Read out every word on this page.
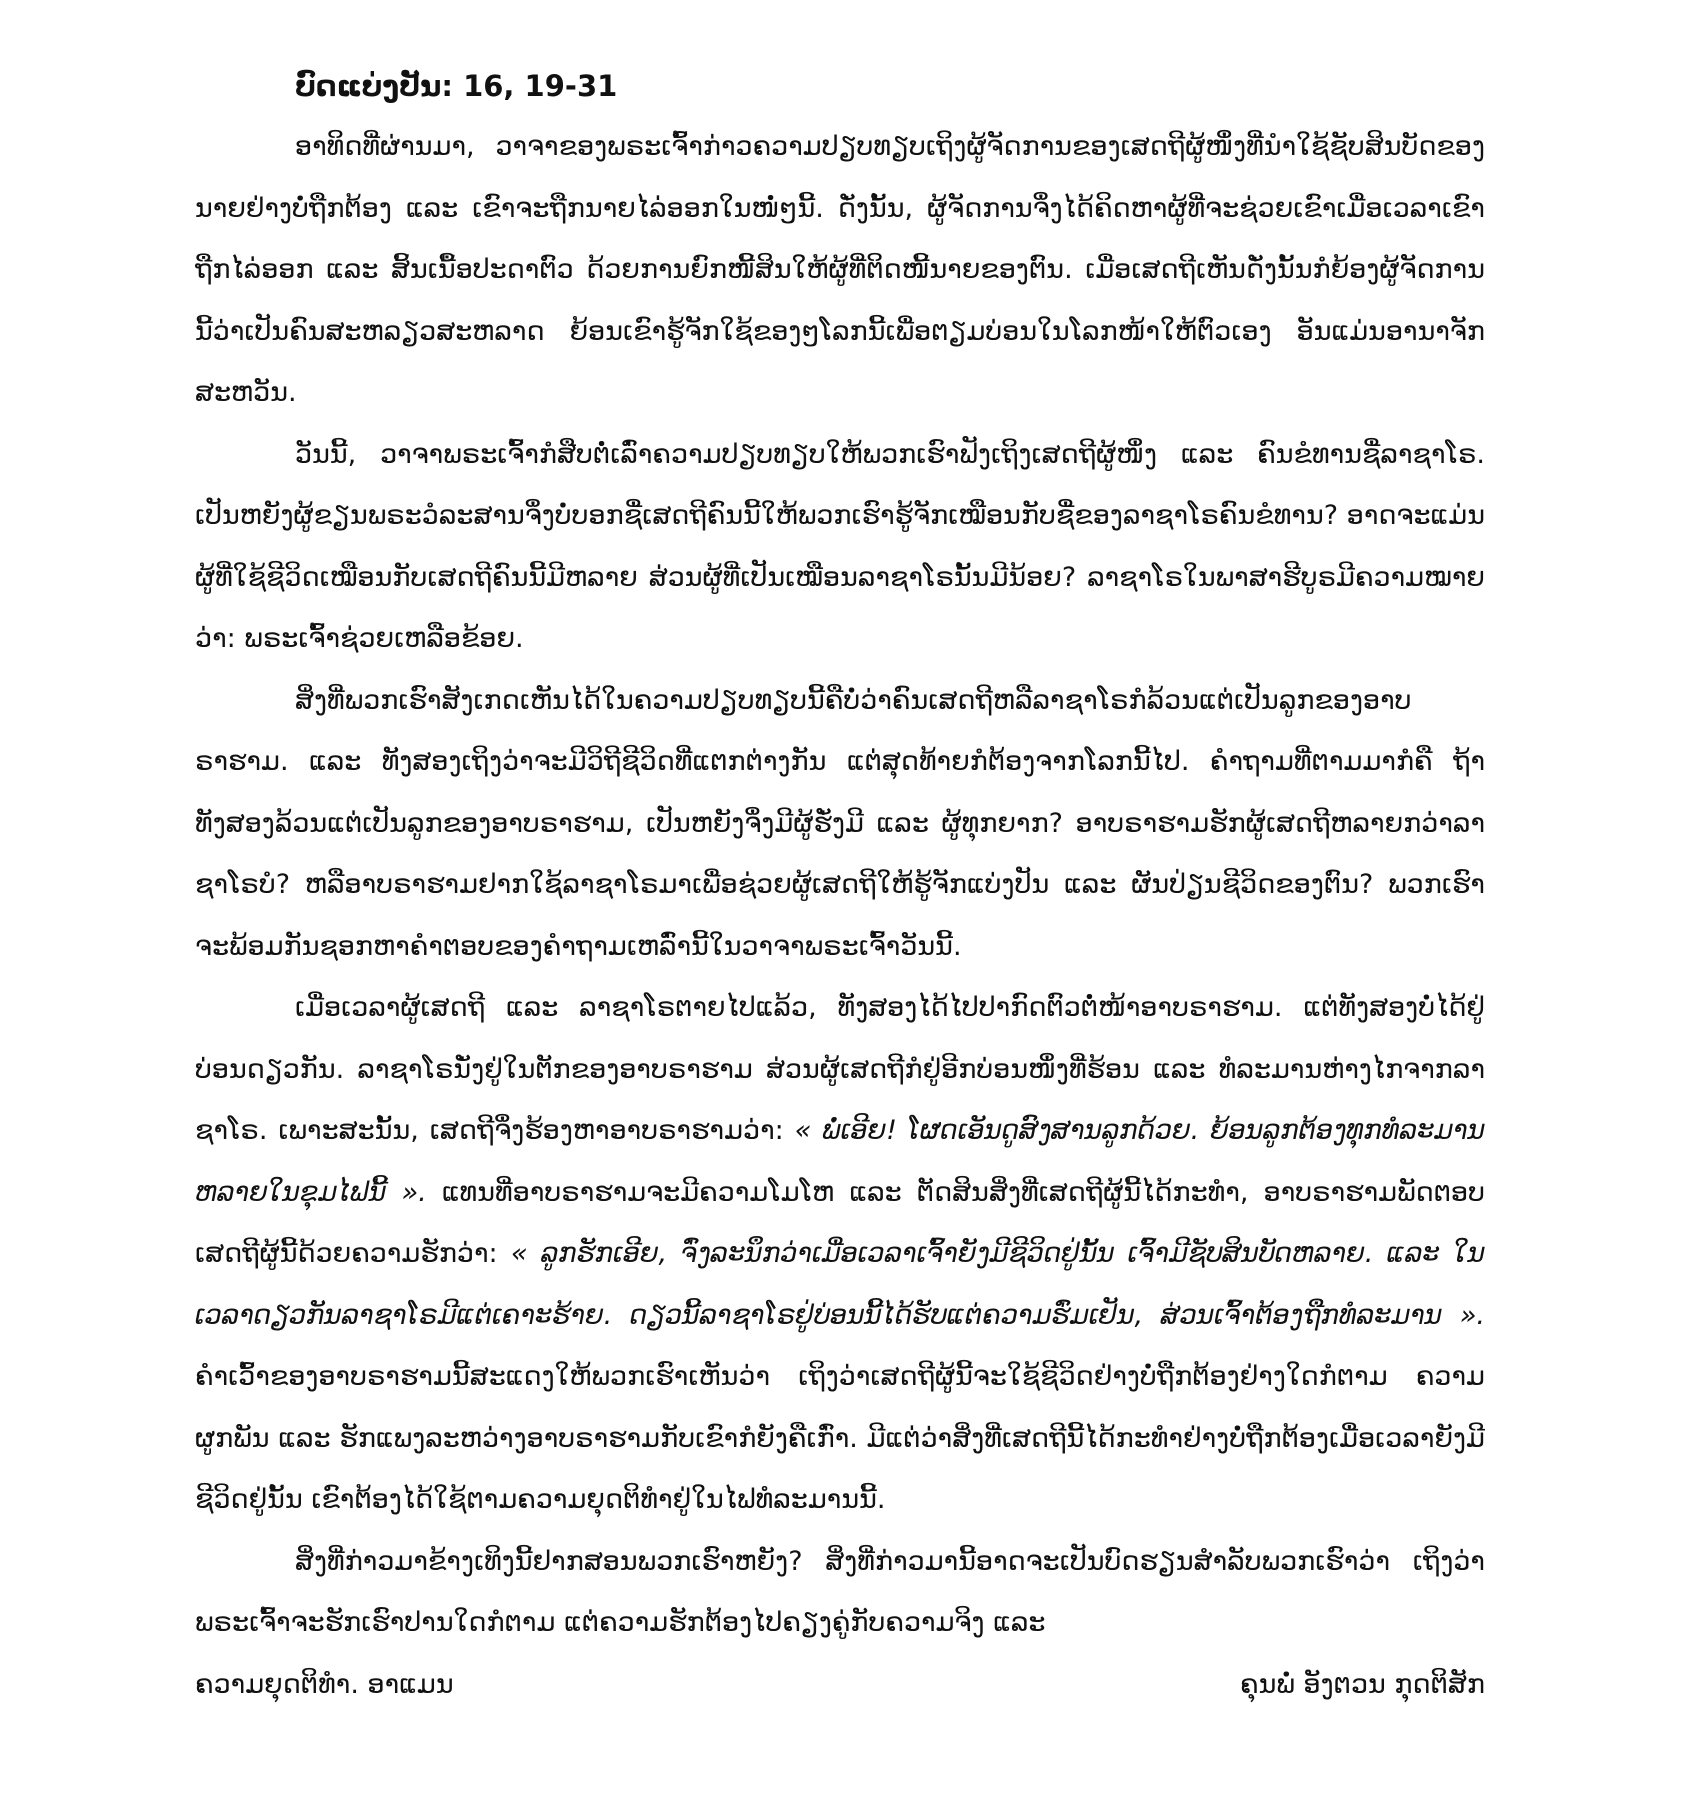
ບົດແບ່ງປັນ: 16, 19-31

ອາທິດທີ່ຜ່ານມາ, ວາຈາຂອງພຣະເຈົ້າກ່າວຄວາມປຽບທຽບເຖິງຜູ້ຈັດການຂອງເສດຖີຜູ້ໜຶ່ງທີ່ນຳໃຊ້ຊັບສິນບັດຂອງນາຍຢ່າງບໍ່ຖືກຕ້ອງ ແລະ ເຂົາຈະຖືກນາຍໄລ່ອອກໃນໜໍ່ໆນີ້. ດັ່ງນັ້ນ, ຜູ້ຈັດການຈຶ່ງໄດ້ຄິດຫາຜູ້ທີ່ຈະຊ່ວຍເຂົາເມື່ອເວລາເຂົາຖືກໄລ່ອອກ ແລະ ສິ້ນເນື້ອປະດາຕົວ ດ້ວຍການຍົກໜີ້ສິນໃຫ້ຜູ້ທີ່ຕິດໜີ້ນາຍຂອງຕົນ. ເມື່ອເສດຖີເຫັນດັ່ງນັ້ນກໍຍ້ອງຜູ້ຈັດການນີ້ວ່າເປັນຄົນສະຫລຽວສະຫລາດ ຍ້ອນເຂົາຮູ້ຈັກໃຊ້ຂອງໆໂລກນີ້ເພື່ອຕຽມບ່ອນໃນໂລກໜ້າໃຫ້ຕົວເອງ ອັນແມ່ນອານາຈັກສະຫວັນ.

ວັນນີ້, ວາຈາພຣະເຈົ້າກໍສືບຕໍ່ເລົ່າຄວາມປຽບທຽບໃຫ້ພວກເຮົາຟັງເຖິງເສດຖີຜູ້ໜຶ່ງ ແລະ ຄົນຂໍທານຊື່ລາຊາໂຣ. ເປັນຫຍັງຜູ້ຂຽນພຣະວໍລະສານຈຶ່ງບໍ່ບອກຊື່ເສດຖີຄົນນີ້ໃຫ້ພວກເຮົາຮູ້ຈັກເໝືອນກັບຊື່ຂອງລາຊາໂຣຄົນຂໍທານ? ອາດຈະແມ່ນຜູ້ທີ່ໃຊ້ຊີວິດເໝືອນກັບເສດຖີຄົນນີ້ມີຫລາຍ ສ່ວນຜູ້ທີ່ເປັນເໝືອນລາຊາໂຣນັ້ນມີນ້ອຍ? ລາຊາໂຣໃນພາສາຮີບູຣມີຄວາມໝາຍວ່າ: ພຣະເຈົ້າຊ່ວຍເຫລືອຂ້ອຍ.

ສິ່ງທີ່ພວກເຮົາສັງເກດເຫັນໄດ້ໃນຄວາມປຽບທຽບນີ້ຄືບໍ່ວ່າຄົນເສດຖີຫລືລາຊາໂຣກໍລ້ວນແຕ່ເປັນລູກຂອງອາບຣາຮາມ. ແລະ ທັງສອງເຖິງວ່າຈະມີວິຖີຊີວິດທີ່ແຕກຕ່າງກັນ ແຕ່ສຸດທ້າຍກໍຕ້ອງຈາກໂລກນີ້ໄປ. ຄຳຖາມທີ່ຕາມມາກໍຄື ຖ້າທັງສອງລ້ວນແຕ່ເປັນລູກຂອງອາບຣາຮາມ, ເປັນຫຍັງຈຶ່ງມີຜູ້ຮັ່ງມີ ແລະ ຜູ້ທຸກຍາກ? ອາບຣາຮາມຮັກຜູ້ເສດຖີຫລາຍກວ່າລາຊາໂຣບໍ? ຫລືອາບຣາຮາມຢາກໃຊ້ລາຊາໂຣມາເພື່ອຊ່ວຍຜູ້ເສດຖີໃຫ້ຮູ້ຈັກແບ່ງປັນ ແລະ ຜັນປ່ຽນຊີວິດຂອງຕົນ? ພວກເຮົາຈະພ້ອມກັນຊອກຫາຄຳຕອບຂອງຄຳຖາມເຫລົ່ານີ້ໃນວາຈາພຣະເຈົ້າວັນນີ້.

ເມື່ອເວລາຜູ້ເສດຖີ ແລະ ລາຊາໂຣຕາຍໄປແລ້ວ, ທັງສອງໄດ້ໄປປາກົດຕົວຕໍ່ໜ້າອາບຣາຮາມ. ແຕ່ທັງສອງບໍ່ໄດ້ຢູ່ບ່ອນດຽວກັນ. ລາຊາໂຣນັ່ງຢູ່ໃນຕັກຂອງອາບຣາຮາມ ສ່ວນຜູ້ເສດຖີກໍຢູ່ອີກບ່ອນໜຶ່ງທີ່ຮ້ອນ ແລະ ທໍລະມານຫ່າງໄກຈາກລາຊາໂຣ. ເພາະສະນັ້ນ, ເສດຖີຈຶ່ງຮ້ອງຫາອາບຣາຮາມວ່າ: « ພໍ່ເອີຍ! ໂຜດເອັນດູສົງສານລູກດ້ວຍ. ຍ້ອນລູກຕ້ອງທຸກທໍລະມານຫລາຍໃນຂຸມໄຟນີ້ ». ແທນທີ່ອາບຣາຮາມຈະມີຄວາມໂມໂຫ ແລະ ຕັດສິນສິ່ງທີ່ເສດຖີຜູ້ນີ້ໄດ້ກະທຳ, ອາບຣາຮາມພັດຕອບເສດຖີຜູ້ນີ້ດ້ວຍຄວາມຮັກວ່າ: « ລູກຮັກເອີຍ, ຈົ່ງລະນຶກວ່າເມື່ອເວລາເຈົ້າຍັງມີຊີວິດຢູ່ນັ້ນ ເຈົ້າມີຊັບສິນບັດຫລາຍ. ແລະ ໃນເວລາດຽວກັນລາຊາໂຣມີແຕ່ເຄາະຮ້າຍ. ດຽວນີ້ລາຊາໂຣຢູ່ບ່ອນນີ້ໄດ້ຮັບແຕ່ຄວາມຮົ່ມເຢັນ, ສ່ວນເຈົ້າຕ້ອງຖືກທໍລະມານ ». ຄຳເວົ້າຂອງອາບຣາຮາມນີ້ສະແດງໃຫ້ພວກເຮົາເຫັນວ່າ ເຖິງວ່າເສດຖີຜູ້ນີ້ຈະໃຊ້ຊີວິດຢ່າງບໍ່ຖືກຕ້ອງຢ່າງໃດກໍຕາມ ຄວາມຜູກພັນ ແລະ ຮັກແພງລະຫວ່າງອາບຣາຮາມກັບເຂົາກໍຍັງຄືເກົ່າ. ມີແຕ່ວ່າສິ່ງທີ່ເສດຖີນີ້ໄດ້ກະທຳຢ່າງບໍ່ຖືກຕ້ອງເມື່ອເວລາຍັງມີຊີວິດຢູ່ນັ້ນ ເຂົາຕ້ອງໄດ້ໃຊ້ຕາມຄວາມຍຸດຕິທຳຢູ່ໃນໄຟທໍລະມານນີ້.

ສິ່ງທີ່ກ່າວມາຂ້າງເທິງນີ້ຢາກສອນພວກເຮົາຫຍັງ? ສິ່ງທີ່ກ່າວມານີ້ອາດຈະເປັນບົດຮຽນສຳລັບພວກເຮົາວ່າ ເຖິງວ່າພຣະເຈົ້າຈະຮັກເຮົາປານໃດກໍຕາມ ແຕ່ຄວາມຮັກຕ້ອງໄປຄຽງຄູ່ກັບຄວາມຈິງ ແລະ

ຄວາມຍຸດຕິທຳ. ອາແມນ	ຄຸນພໍ່ ອັງຕວນ ກຸດຕິສັກ
